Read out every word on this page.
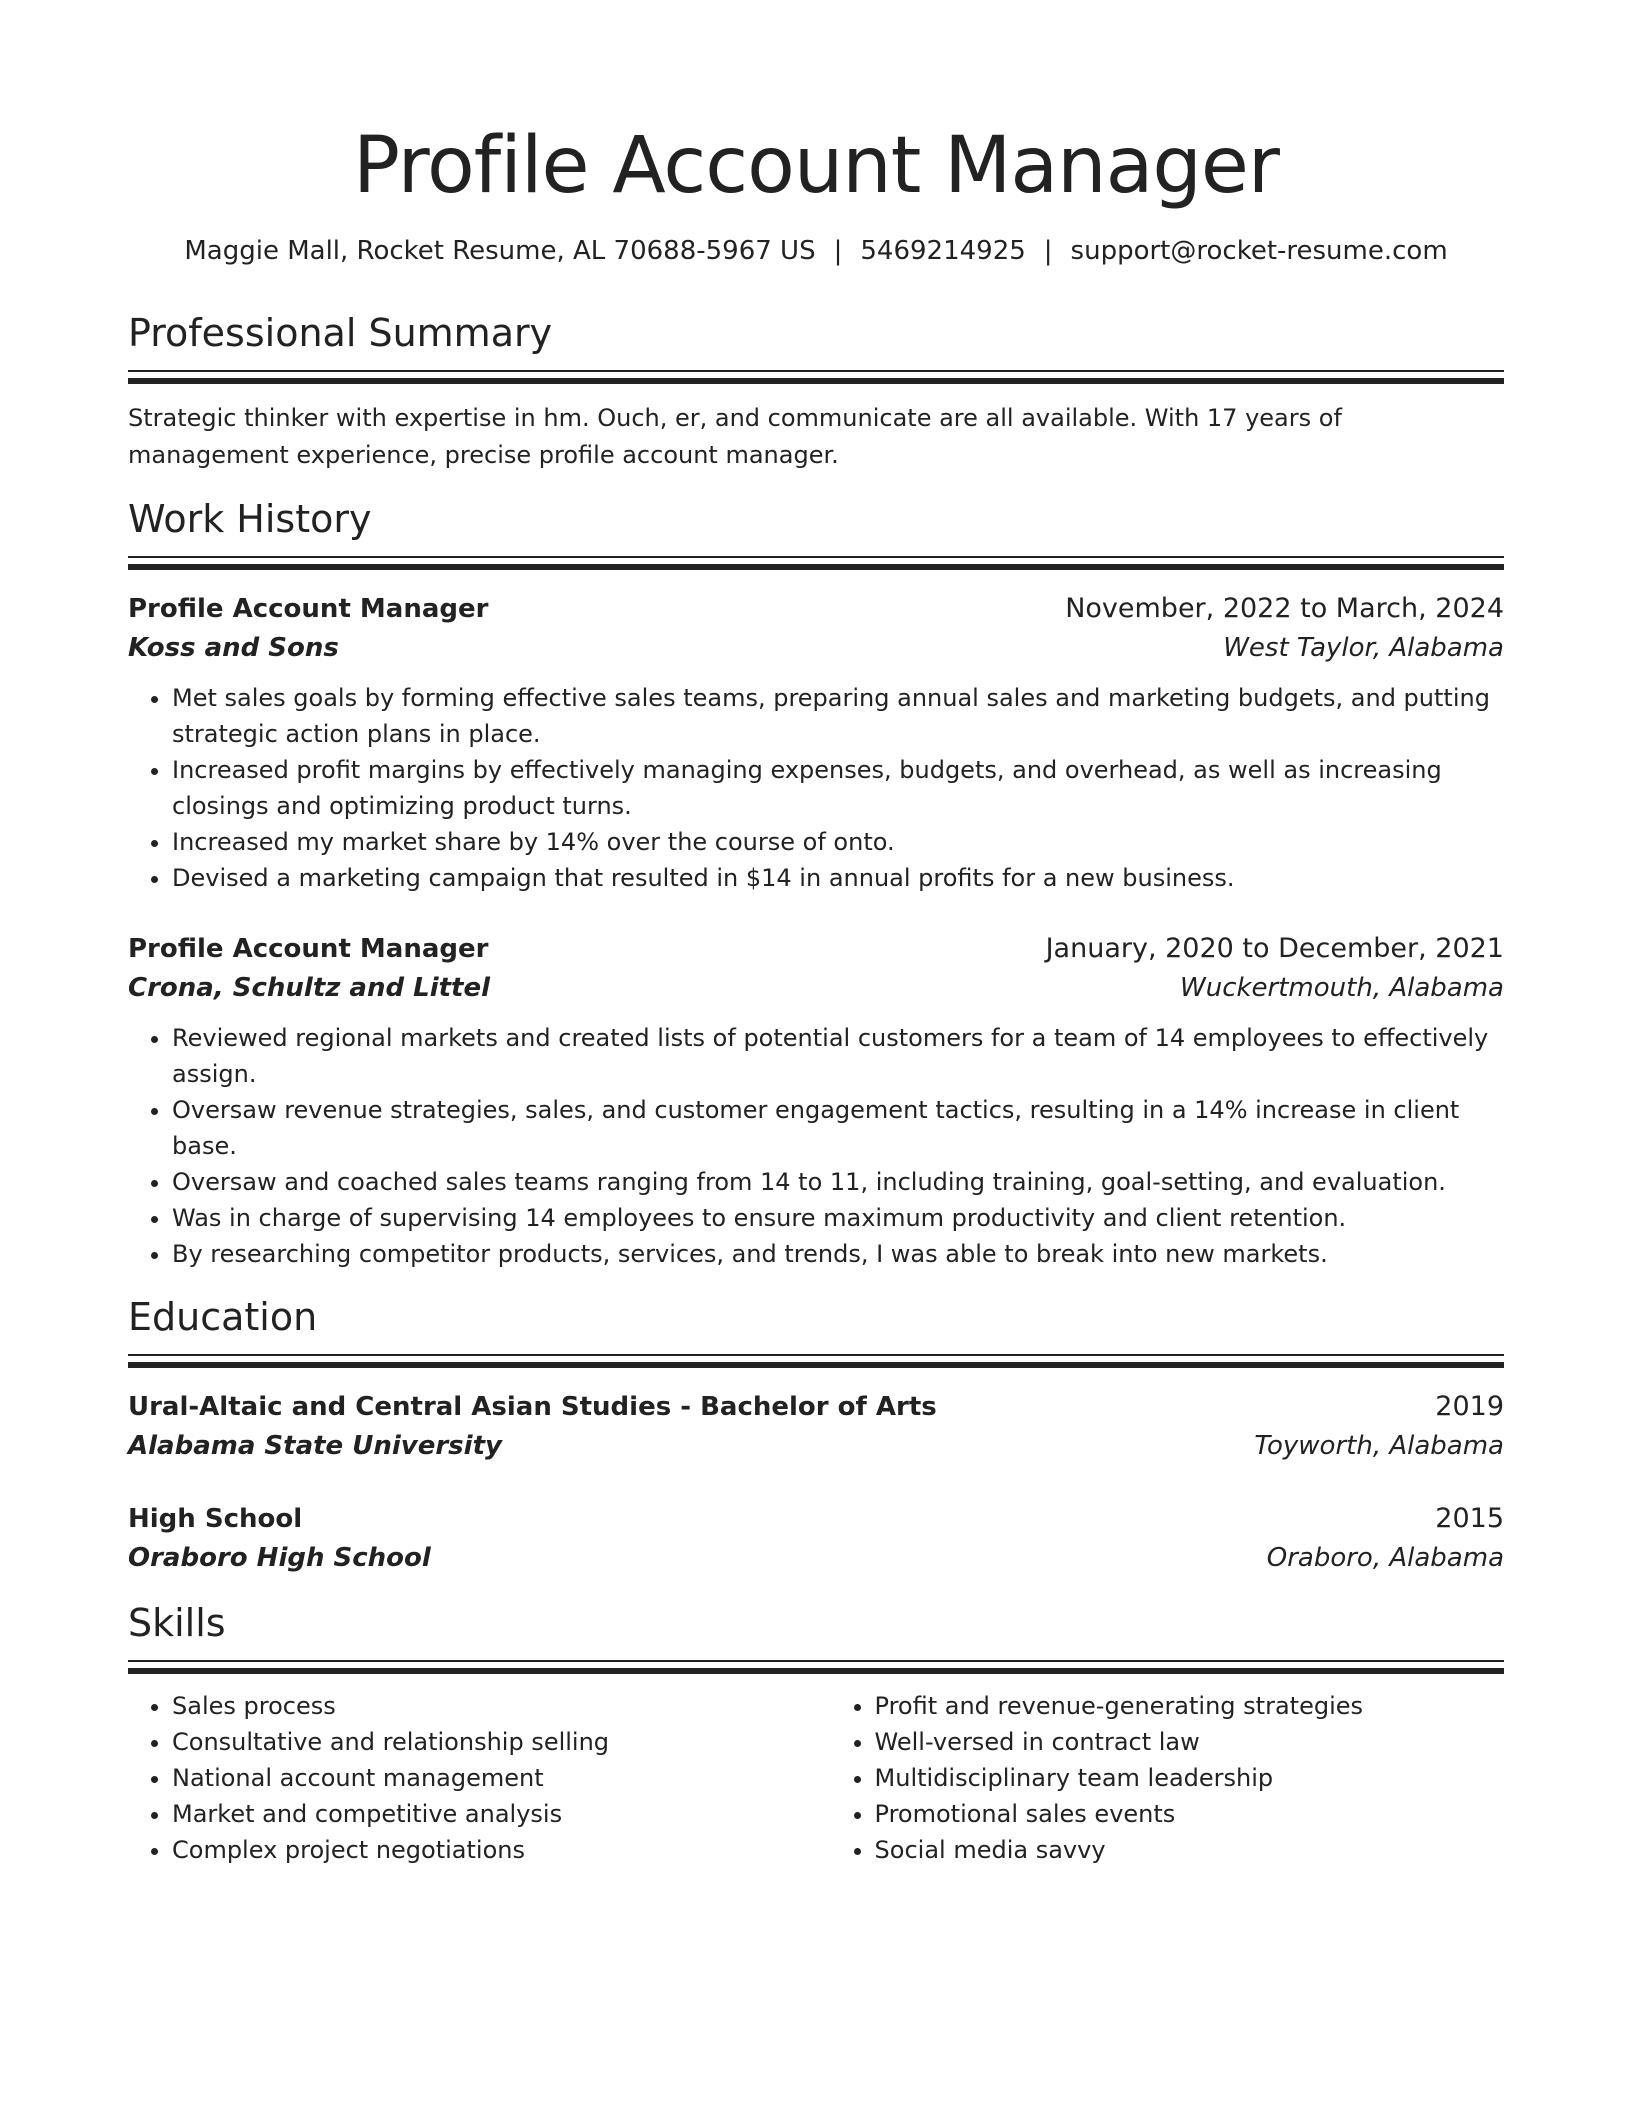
Profile Account Manager
Maggie Mall, Rocket Resume, AL 70688-5967 US | 5469214925 | support@rocket-resume.com
Professional Summary
Strategic thinker with expertise in hm. Ouch, er, and communicate are all available. With 17 years of management experience, precise profile account manager.
Work History
Profile Account Manager	November, 2022 to March, 2024
Koss and Sons	West Taylor, Alabama
• Met sales goals by forming effective sales teams, preparing annual sales and marketing budgets, and putting strategic action plans in place.
• Increased profit margins by effectively managing expenses, budgets, and overhead, as well as increasing closings and optimizing product turns.
• Increased my market share by 14% over the course of onto.
• Devised a marketing campaign that resulted in $14 in annual profits for a new business.
Profile Account Manager	January, 2020 to December, 2021
Crona, Schultz and Littel	Wuckertmouth, Alabama
• Reviewed regional markets and created lists of potential customers for a team of 14 employees to effectively assign.
• Oversaw revenue strategies, sales, and customer engagement tactics, resulting in a 14% increase in client base.
• Oversaw and coached sales teams ranging from 14 to 11, including training, goal-setting, and evaluation.
• Was in charge of supervising 14 employees to ensure maximum productivity and client retention.
• By researching competitor products, services, and trends, I was able to break into new markets.
Education
Ural-Altaic and Central Asian Studies - Bachelor of Arts	2019
Alabama State University	Toyworth, Alabama
High School	2015
Oraboro High School	Oraboro, Alabama
Skills
• Sales process
• Consultative and relationship selling
• National account management
• Market and competitive analysis
• Complex project negotiations
• Profit and revenue-generating strategies
• Well-versed in contract law
• Multidisciplinary team leadership
• Promotional sales events
• Social media savvy
